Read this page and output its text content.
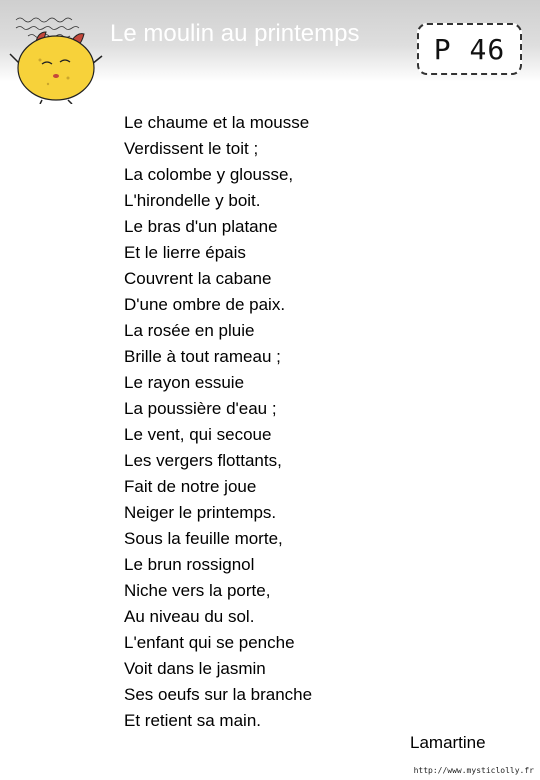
Le moulin au printemps	P 46
Le chaume et la mousse
Verdissent le toit ;
La colombe y glousse,
L'hirondelle y boit.
Le bras d'un platane
Et le lierre épais
Couvrent la cabane
D'une ombre de paix.
La rosée en pluie
Brille à tout rameau ;
Le rayon essuie
La poussière d'eau ;
Le vent, qui secoue
Les vergers flottants,
Fait de notre joue
Neiger le printemps.
Sous la feuille morte,
Le brun rossignol
Niche vers la porte,
Au niveau du sol.
L'enfant qui se penche
Voit dans le jasmin
Ses oeufs sur la branche
Et retient sa main.
Lamartine
http://www.mysticlolly.fr
